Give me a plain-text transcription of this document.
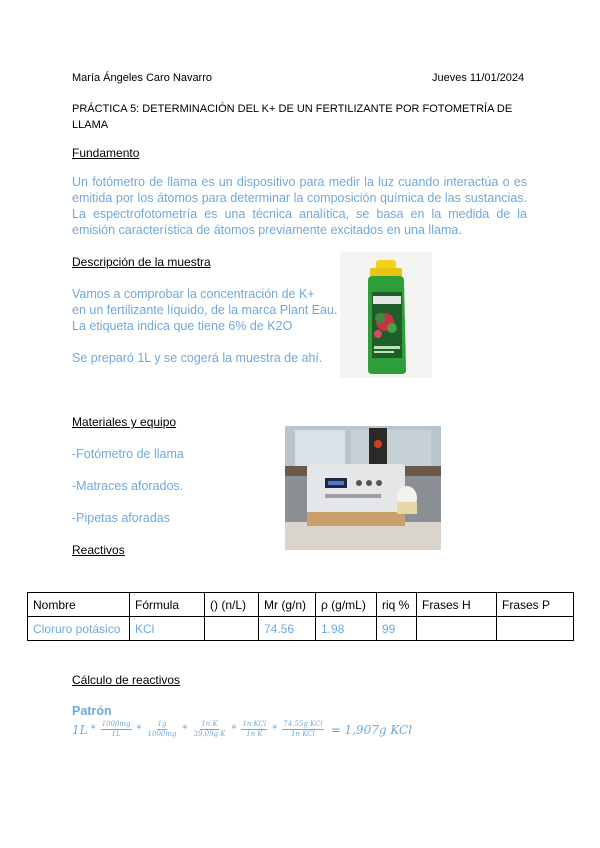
María Ángeles Caro Navarro	Jueves 11/01/2024
PRÁCTICA 5: DETERMINACIÓN DEL K+ DE UN FERTILIZANTE POR FOTOMETRÍA DE LLAMA
Fundamento
Un fotómetro de llama es un dispositivo para medir la luz cuando interactúa o es emitida por los átomos para determinar la composición química de las sustancias. La espectrofotometría es una técnica analítica, se basa en la medida de la emisión característica de átomos previamente excitados en una llama.
Descripción de la muestra
Vamos a comprobar la concentración de K+
en un fertilizante líquido, de la marca Plant Eau.
La etiqueta indica que tiene 6% de K2O
Se preparó 1L y se cogerá la muestra de ahí.
Materiales y equipo
-Fotómetro de llama
-Matraces aforados.
-Pipetas aforadas
Reactivos
Nombre	Fórmula	() (n/L)	Mr (g/n)	ρ (g/mL)	riq %	Frases H	Frases P
Cloruro potásico	KCl		74.56	1.98	99		
Cálculo de reactivos
Patrón
$1L * \frac{1000mg}{1L} * \frac{1g}{1000mg} * \frac{\text{1n K}}{\text{39,09g K}} * \frac{\text{1n KCl}}{\text{1n K}} * \frac{\text{74,55g KCl}}{\text{1n KCl}} = 1,907g$ KCl
